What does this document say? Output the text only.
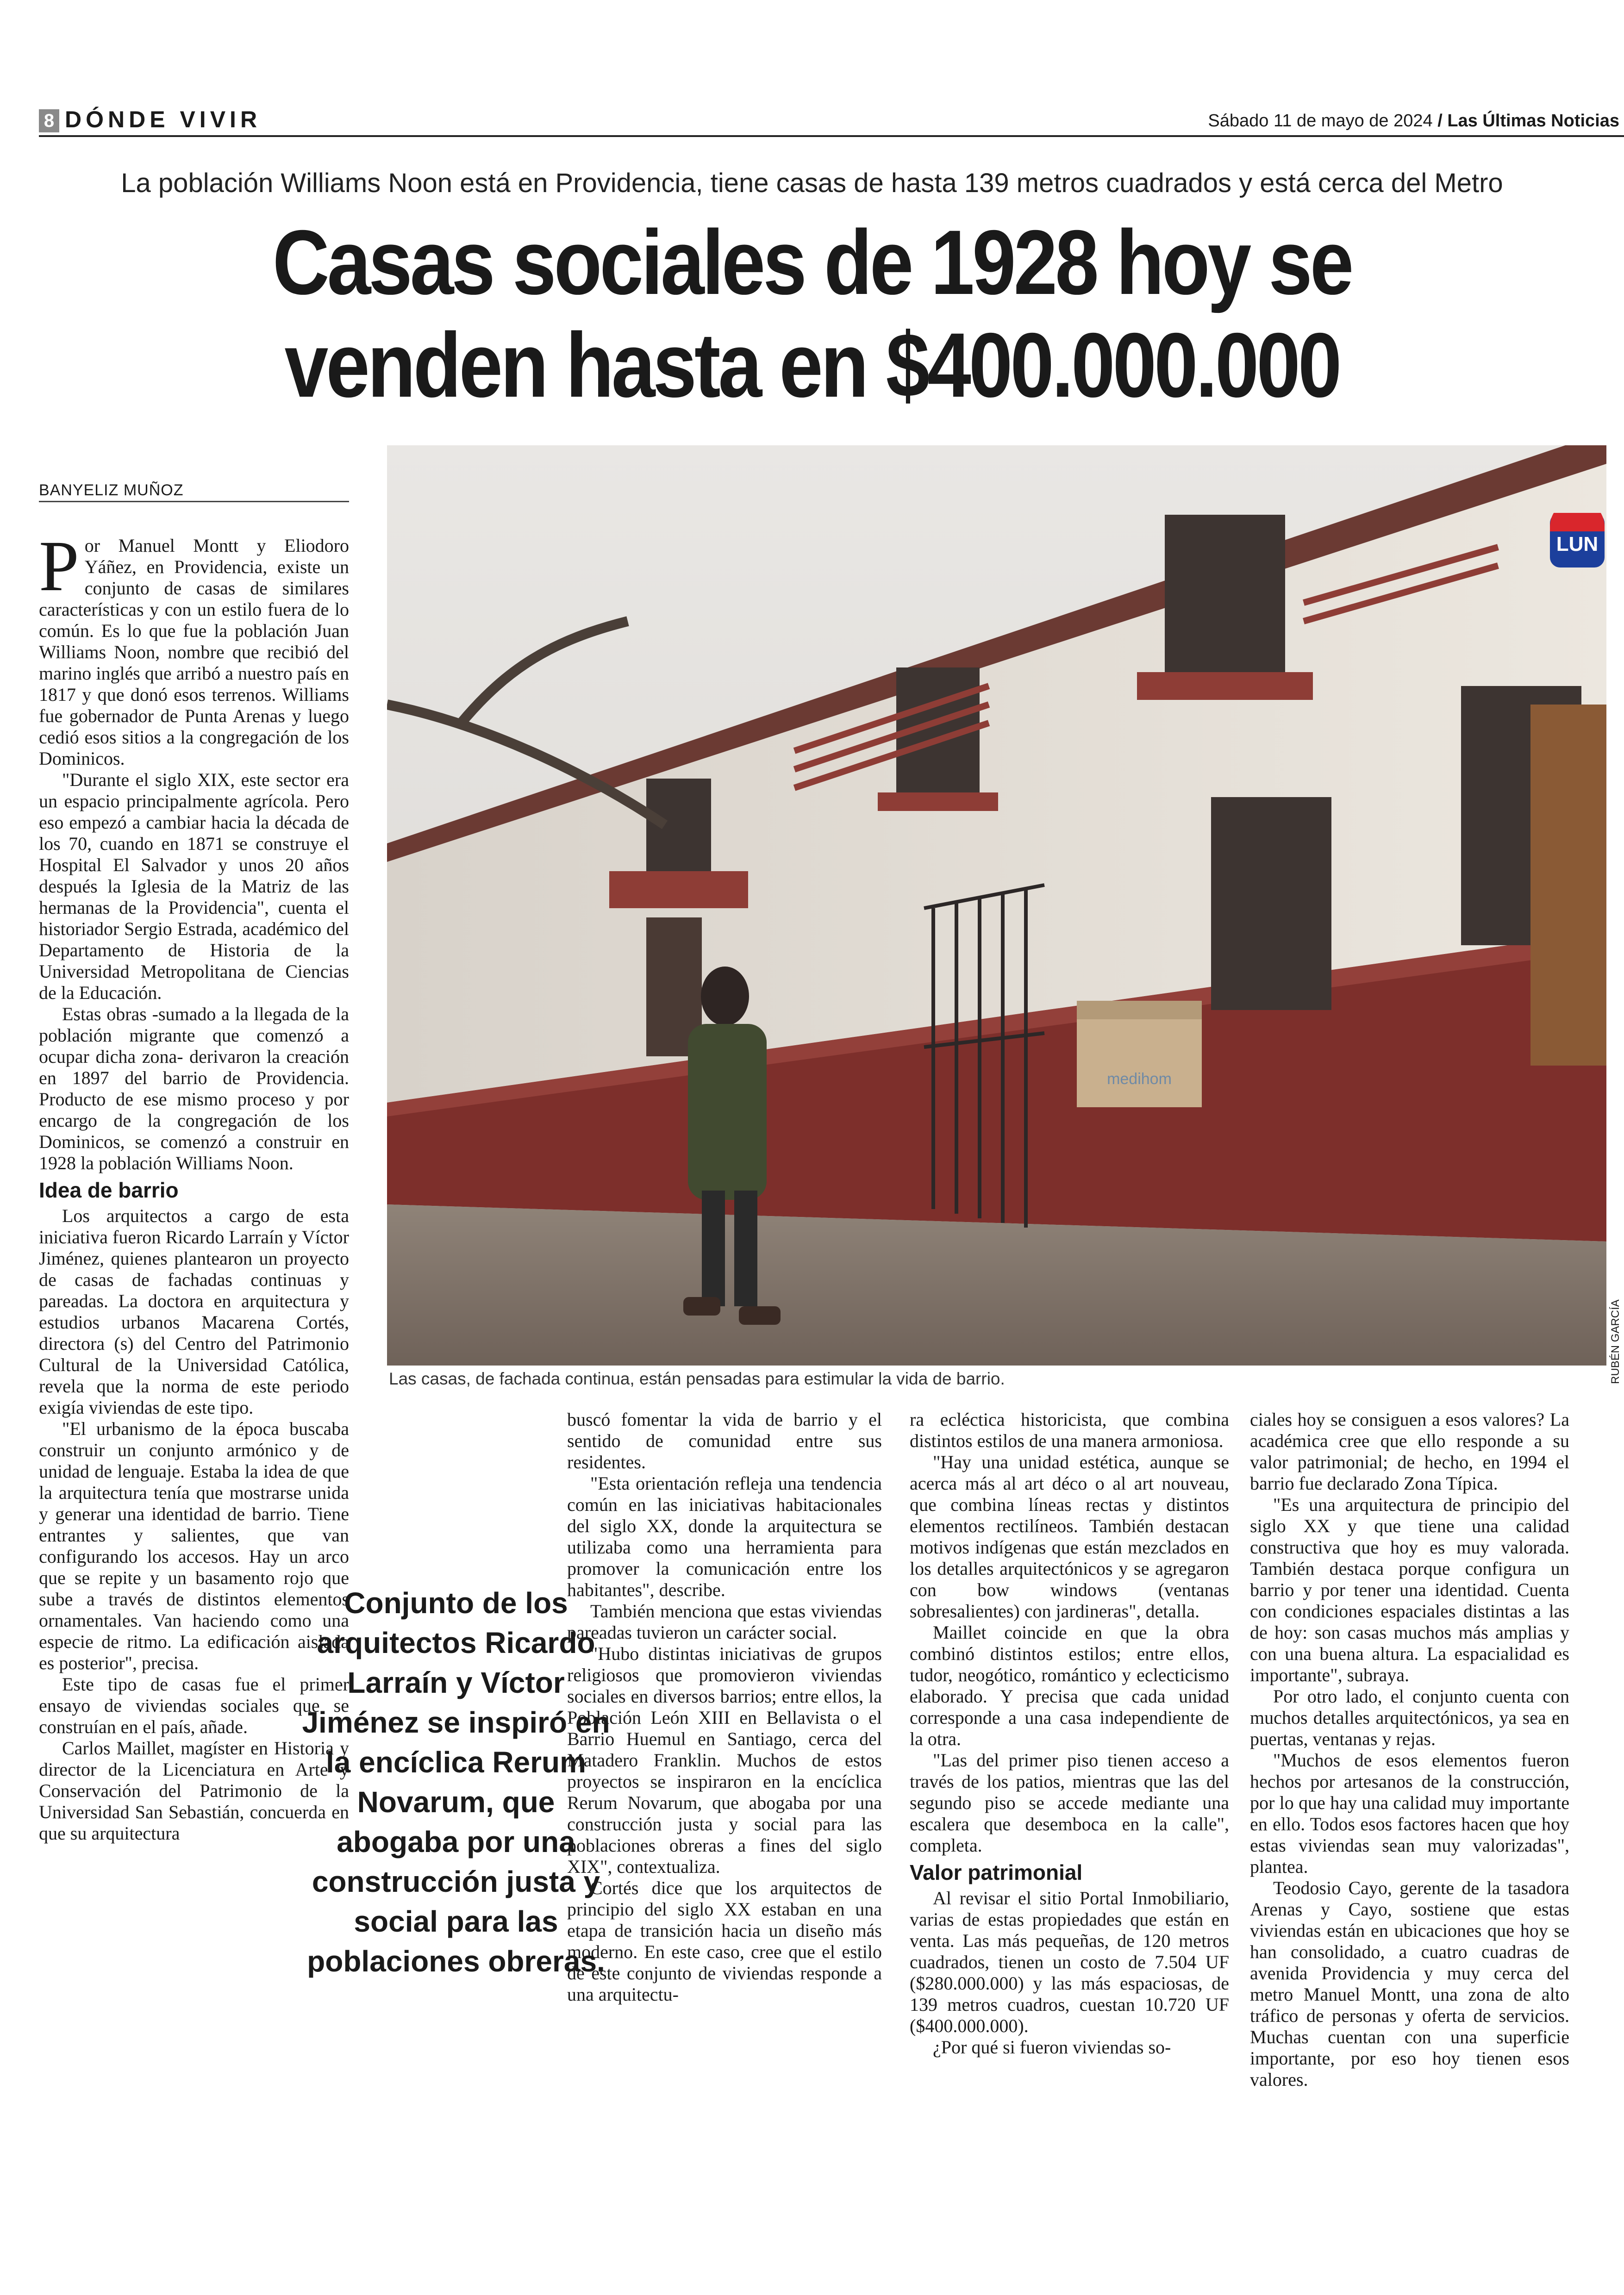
8 DÓNDE VIVIR	Sábado 11 de mayo de 2024 / Las Últimas Noticias
La población Williams Noon está en Providencia, tiene casas de hasta 139 metros cuadrados y está cerca del Metro
Casas sociales de 1928 hoy se
venden hasta en $400.000.000
BANYELIZ MUÑOZ
medihom
LUN
RUBÉN GARCÍA
Las casas, de fachada continua, están pensadas para estimular la vida de barrio.

Por Manuel Montt y Eliodoro Yáñez, en Providencia, existe un conjunto de casas de similares características y con un estilo fuera de lo común. Es lo que fue la población Juan Williams Noon, nombre que recibió del marino inglés que arribó a nuestro país en 1817 y que donó esos terrenos. Williams fue gobernador de Punta Arenas y luego cedió esos sitios a la congregación de los Dominicos.

"Durante el siglo XIX, este sector era un espacio principalmente agrícola. Pero eso empezó a cambiar hacia la década de los 70, cuando en 1871 se construye el Hospital El Salvador y unos 20 años después la Iglesia de la Matriz de las hermanas de la Providencia", cuenta el historiador Sergio Estrada, académico del Departamento de Historia de la Universidad Metropolitana de Ciencias de la Educación.

Estas obras -sumado a la llegada de la población migrante que comenzó a ocupar dicha zona- derivaron la creación en 1897 del barrio de Providencia. Producto de ese mismo proceso y por encargo de la congregación de los Dominicos, se comenzó a construir en 1928 la población Williams Noon.

Idea de barrio

Los arquitectos a cargo de esta iniciativa fueron Ricardo Larraín y Víctor Jiménez, quienes plantearon un proyecto de casas de fachadas continuas y pareadas. La doctora en arquitectura y estudios urbanos Macarena Cortés, directora (s) del Centro del Patrimonio Cultural de la Universidad Católica, revela que la norma de este periodo exigía viviendas de este tipo.

"El urbanismo de la época buscaba construir un conjunto armónico y de unidad de lenguaje. Estaba la idea de que la arquitectura tenía que mostrarse unida y generar una identidad de barrio. Tiene entrantes y salientes, que van configurando los accesos. Hay un arco que se repite y un basamento rojo que sube a través de distintos elementos ornamentales. Van haciendo como una especie de ritmo. La edificación aislada es posterior", precisa.

Este tipo de casas fue el primer ensayo de viviendas sociales que se construían en el país, añade.

Carlos Maillet, magíster en Historia y director de la Licenciatura en Arte y Conservación del Patrimonio de la Universidad San Sebastián, concuerda en que su arquitectura

Conjunto de los arquitectos Ricardo Larraín y Víctor Jiménez se inspiró en la encíclica Rerum Novarum, que abogaba por una construcción justa y social para las poblaciones obreras.

buscó fomentar la vida de barrio y el sentido de comunidad entre sus residentes.

"Esta orientación refleja una tendencia común en las iniciativas habitacionales del siglo XX, donde la arquitectura se utilizaba como una herramienta para promover la comunicación entre los habitantes", describe.

También menciona que estas viviendas pareadas tuvieron un carácter social.

"Hubo distintas iniciativas de grupos religiosos que promovieron viviendas sociales en diversos barrios; entre ellos, la Población León XIII en Bellavista o el Barrio Huemul en Santiago, cerca del Matadero Franklin. Muchos de estos proyectos se inspiraron en la encíclica Rerum Novarum, que abogaba por una construcción justa y social para las poblaciones obreras a fines del siglo XIX", contextualiza.

Cortés dice que los arquitectos de principio del siglo XX estaban en una etapa de transición hacia un diseño más moderno. En este caso, cree que el estilo de este conjunto de viviendas responde a una arquitectu-

ra ecléctica historicista, que combina distintos estilos de una manera armoniosa.

"Hay una unidad estética, aunque se acerca más al art déco o al art nouveau, que combina líneas rectas y distintos elementos rectilíneos. También destacan motivos indígenas que están mezclados en los detalles arquitectónicos y se agregaron con bow windows (ventanas sobresalientes) con jardineras", detalla.

Maillet coincide en que la obra combinó distintos estilos; entre ellos, tudor, neogótico, romántico y eclecticismo elaborado. Y precisa que cada unidad corresponde a una casa independiente de la otra.

"Las del primer piso tienen acceso a través de los patios, mientras que las del segundo piso se accede mediante una escalera que desemboca en la calle", completa.

Valor patrimonial

Al revisar el sitio Portal Inmobiliario, varias de estas propiedades que están en venta. Las más pequeñas, de 120 metros cuadrados, tienen un costo de 7.504 UF ($280.000.000) y las más espaciosas, de 139 metros cuadros, cuestan 10.720 UF ($400.000.000).

¿Por qué si fueron viviendas so-

ciales hoy se consiguen a esos valores? La académica cree que ello responde a su valor patrimonial; de hecho, en 1994 el barrio fue declarado Zona Típica.

"Es una arquitectura de principio del siglo XX y que tiene una calidad constructiva que hoy es muy valorada. También destaca porque configura un barrio y por tener una identidad. Cuenta con condiciones espaciales distintas a las de hoy: son casas muchos más amplias y con una buena altura. La espacialidad es importante", subraya.

Por otro lado, el conjunto cuenta con muchos detalles arquitectónicos, ya sea en puertas, ventanas y rejas.

"Muchos de esos elementos fueron hechos por artesanos de la construcción, por lo que hay una calidad muy importante en ello. Todos esos factores hacen que hoy estas viviendas sean muy valorizadas", plantea.

Teodosio Cayo, gerente de la tasadora Arenas y Cayo, sostiene que estas viviendas están en ubicaciones que hoy se han consolidado, a cuatro cuadras de avenida Providencia y muy cerca del metro Manuel Montt, una zona de alto tráfico de personas y oferta de servicios. Muchas cuentan con una superficie importante, por eso hoy tienen esos valores.
